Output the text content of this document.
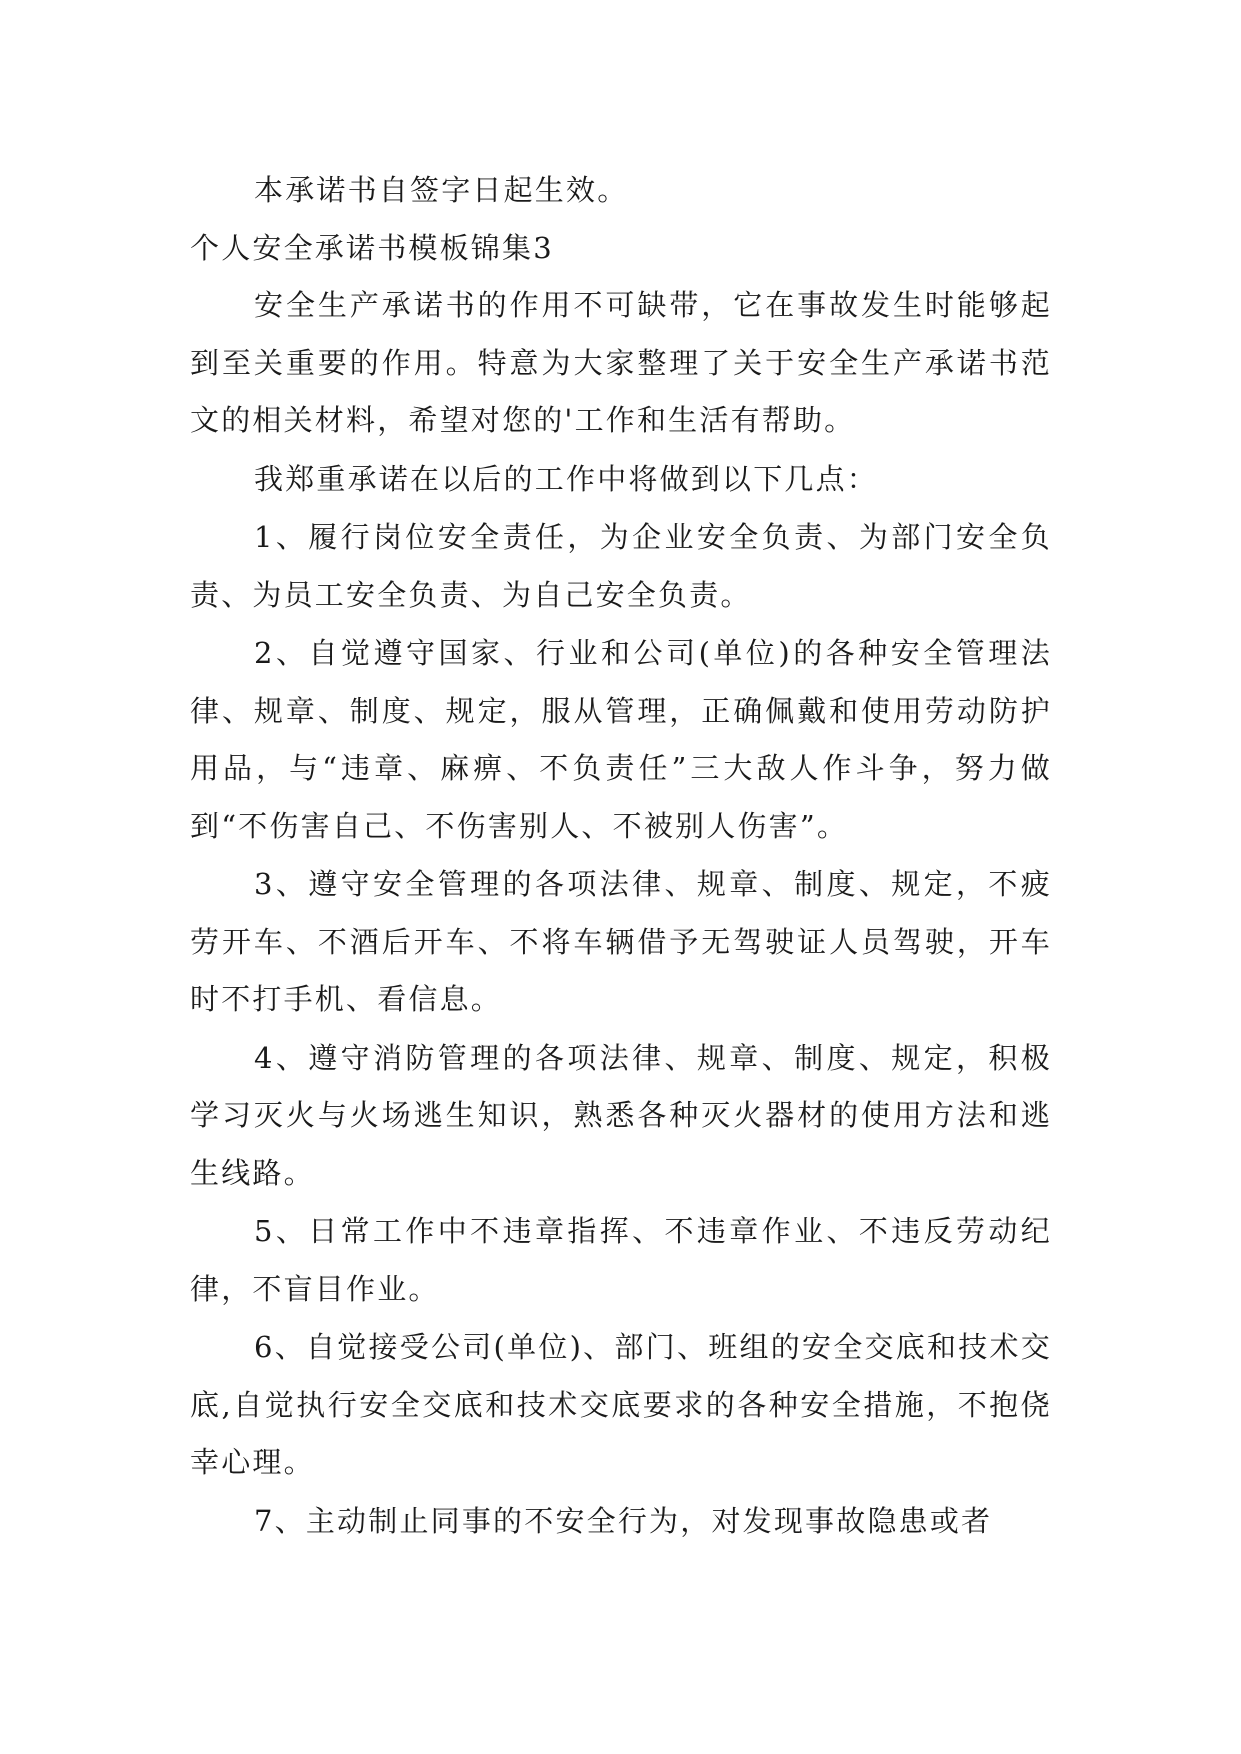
本承诺书自签字日起生效。

个人安全承诺书模板锦集3

安全生产承诺书的作用不可缺带，它在事故发生时能够起到至关重要的作用。特意为大家整理了关于安全生产承诺书范文的相关材料，希望对您的'工作和生活有帮助。

我郑重承诺在以后的工作中将做到以下几点：

1、履行岗位安全责任，为企业安全负责、为部门安全负责、为员工安全负责、为自己安全负责。

2、自觉遵守国家、行业和公司(单位)的各种安全管理法律、规章、制度、规定，服从管理，正确佩戴和使用劳动防护用品，与“违章、麻痹、不负责任”三大敌人作斗争，努力做到“不伤害自己、不伤害别人、不被别人伤害”。

3、遵守安全管理的各项法律、规章、制度、规定，不疲劳开车、不酒后开车、不将车辆借予无驾驶证人员驾驶，开车时不打手机、看信息。

4、遵守消防管理的各项法律、规章、制度、规定，积极学习灭火与火场逃生知识，熟悉各种灭火器材的使用方法和逃生线路。

5、日常工作中不违章指挥、不违章作业、不违反劳动纪律，不盲目作业。

6、自觉接受公司(单位)、部门、班组的安全交底和技术交底,自觉执行安全交底和技术交底要求的各种安全措施，不抱侥幸心理。

7、主动制止同事的不安全行为，对发现事故隐患或者
